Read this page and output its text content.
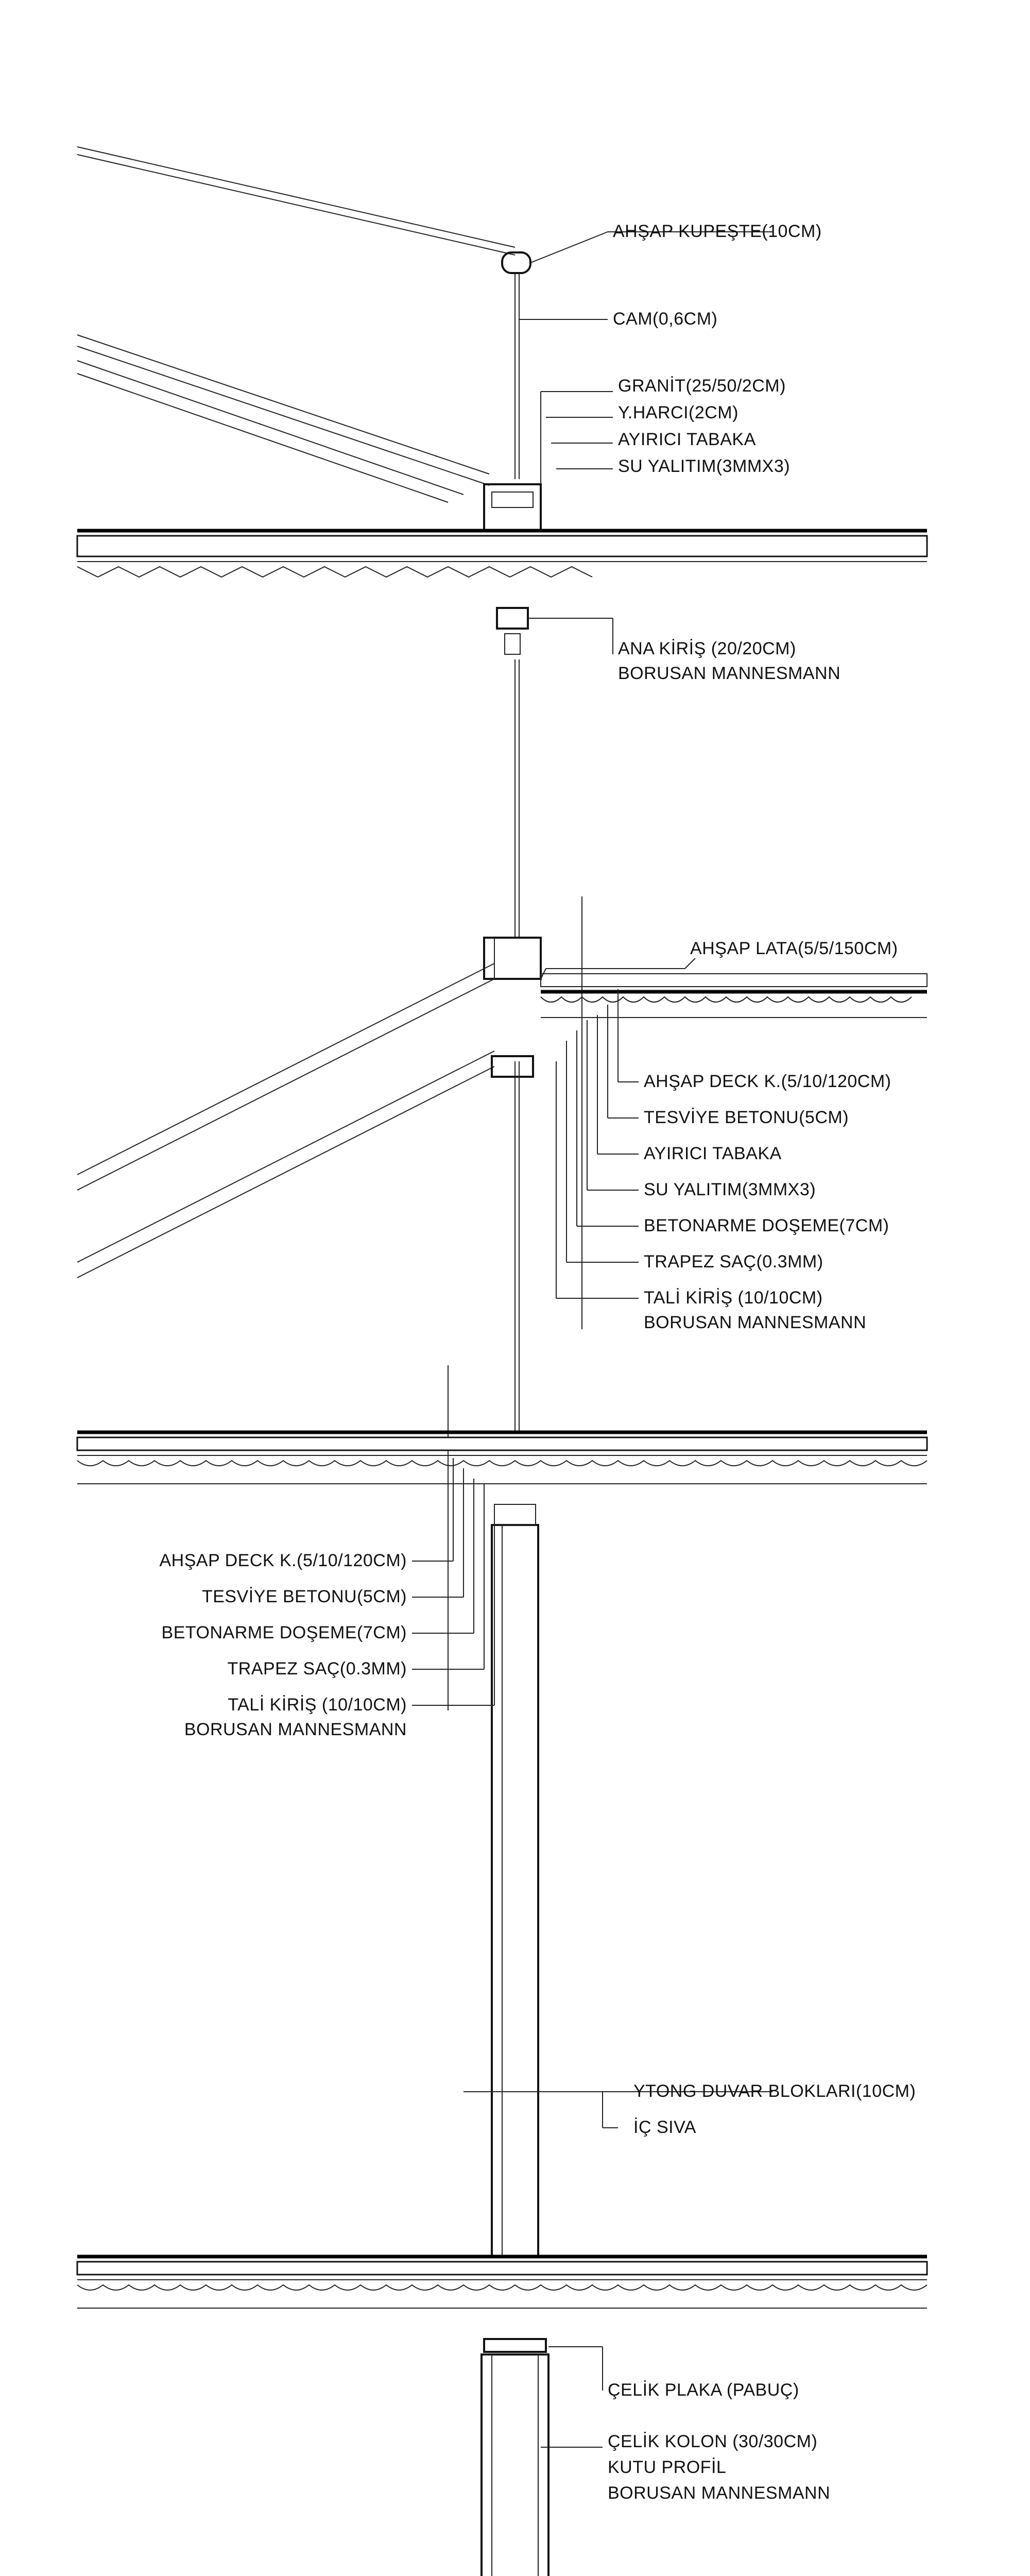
AHŞAP KUPEŞTE(10CM)
CAM(0,6CM)
GRANİT(25/50/2CM)
Y.HARCI(2CM)
AYIRICI TABAKA
SU YALITIM(3MMX3)
ANA KİRİŞ (20/20CM)
BORUSAN MANNESMANN
AHŞAP LATA(5/5/150CM)
AHŞAP DECK K.(5/10/120CM)
TESVİYE BETONU(5CM)
AYIRICI TABAKA
SU YALITIM(3MMX3)
BETONARME DOŞEME(7CM)
TRAPEZ SAÇ(0.3MM)
TALİ KİRİŞ (10/10CM)
BORUSAN MANNESMANN
AHŞAP DECK K.(5/10/120CM)
TESVİYE BETONU(5CM)
BETONARME DOŞEME(7CM)
TRAPEZ SAÇ(0.3MM)
TALİ KİRİŞ (10/10CM)
BORUSAN MANNESMANN
YTONG DUVAR BLOKLARI(10CM)
İÇ SIVA
ÇELİK PLAKA (PABUÇ)
ÇELİK KOLON (30/30CM)
KUTU PROFİL
BORUSAN MANNESMANN
